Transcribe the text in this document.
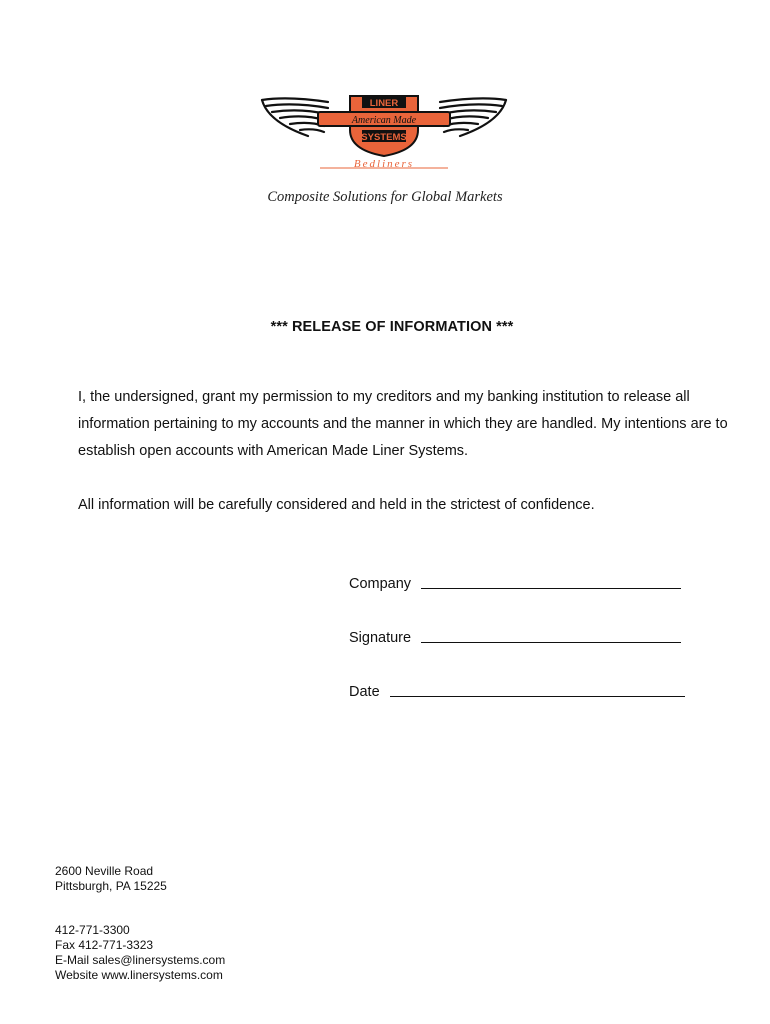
LINER
American Made
SYSTEMS
Bedliners
Composite Solutions for Global Markets
*** RELEASE OF INFORMATION ***

I, the undersigned, grant my permission to my creditors and my banking institution to release all information pertaining to my accounts and the manner in which they are handled. My intentions are to establish open accounts with American Made Liner Systems.

All information will be carefully considered and held in the strictest of confidence.

Company
Signature
Date
2600 Neville Road
Pittsburgh, PA 15225
412-771-3300
Fax 412-771-3323
E-Mail sales@linersystems.com
Website www.linersystems.com
